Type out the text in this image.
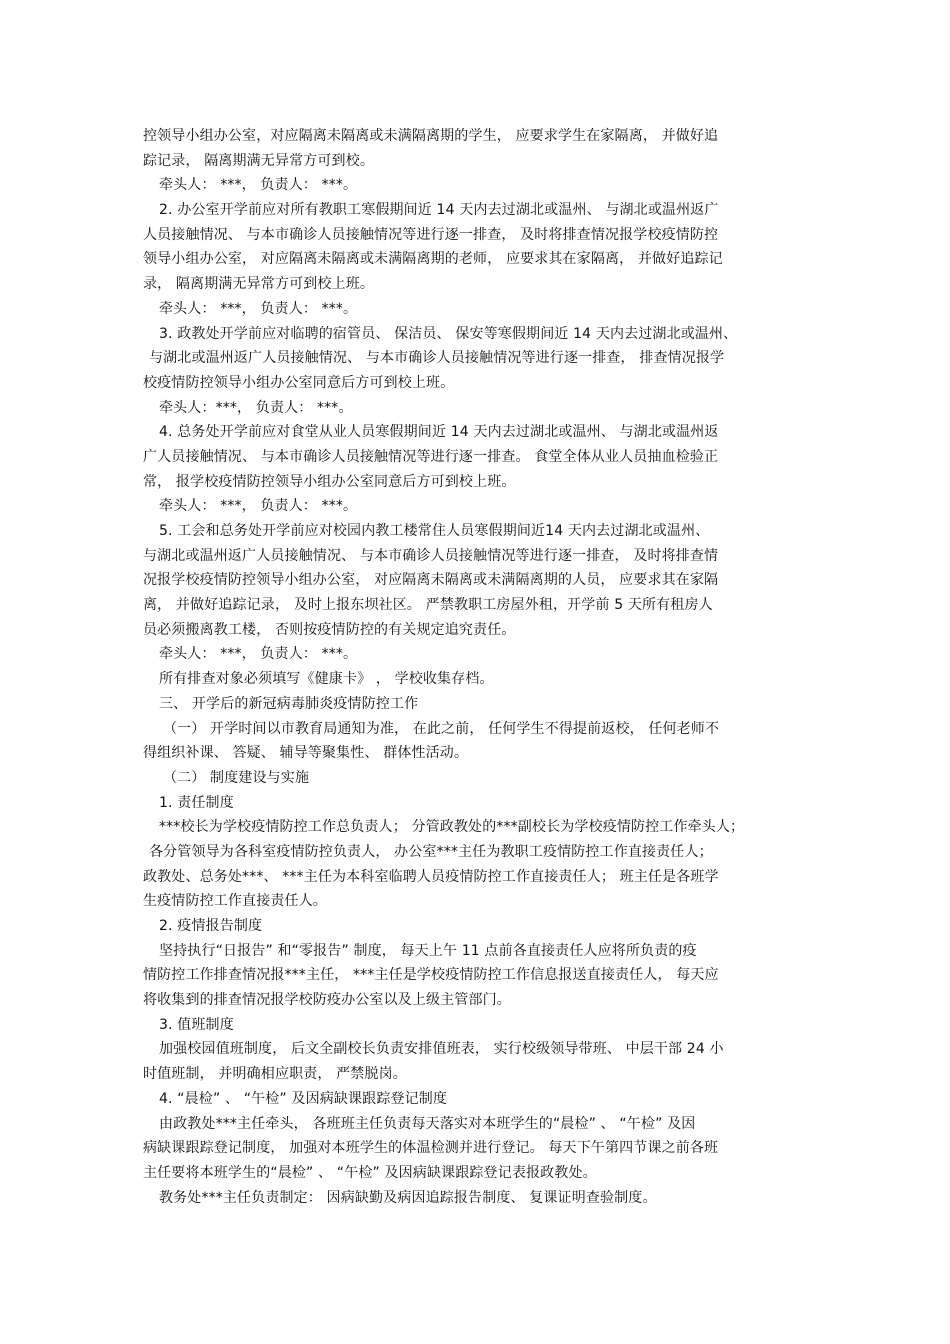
控领导小组办公室，对应隔离未隔离或未满隔离期的学生， 应要求学生在家隔离， 并做好追
踪记录， 隔离期满无异常方可到校。
牵头人： ***， 负责人： ***。
2. 办公室开学前应对所有教职工寒假期间近 14 天内去过湖北或温州、 与湖北或温州返广
人员接触情况、 与本市确诊人员接触情况等进行逐一排查， 及时将排查情况报学校疫情防控
领导小组办公室， 对应隔离未隔离或未满隔离期的老师， 应要求其在家隔离， 并做好追踪记
录， 隔离期满无异常方可到校上班。
牵头人： ***， 负责人： ***。
3. 政教处开学前应对临聘的宿管员、 保洁员、 保安等寒假期间近 14 天内去过湖北或温州、
与湖北或温州返广人员接触情况、 与本市确诊人员接触情况等进行逐一排查， 排查情况报学
校疫情防控领导小组办公室同意后方可到校上班。
牵头人：***， 负责人： ***。
4. 总务处开学前应对食堂从业人员寒假期间近 14 天内去过湖北或温州、 与湖北或温州返
广人员接触情况、 与本市确诊人员接触情况等进行逐一排查。 食堂全体从业人员抽血检验正
常， 报学校疫情防控领导小组办公室同意后方可到校上班。
牵头人： ***， 负责人： ***。
5. 工会和总务处开学前应对校园内教工楼常住人员寒假期间近14 天内去过湖北或温州、
与湖北或温州返广人员接触情况、 与本市确诊人员接触情况等进行逐一排查， 及时将排查情
况报学校疫情防控领导小组办公室， 对应隔离未隔离或未满隔离期的人员， 应要求其在家隔
离， 并做好追踪记录， 及时上报东坝社区。 严禁教职工房屋外租，开学前 5 天所有租房人
员必须搬离教工楼， 否则按疫情防控的有关规定追究责任。
牵头人： ***， 负责人： ***。
所有排查对象必须填写《健康卡》 ， 学校收集存档。
三、 开学后的新冠病毒肺炎疫情防控工作
（一） 开学时间以市教育局通知为准， 在此之前， 任何学生不得提前返校， 任何老师不
得组织补课、 答疑、 辅导等聚集性、 群体性活动。
（二） 制度建设与实施
1. 责任制度
***校长为学校疫情防控工作总负责人； 分管政教处的***副校长为学校疫情防控工作牵头人；
各分管领导为各科室疫情防控负责人， 办公室***主任为教职工疫情防控工作直接责任人；
政教处、总务处***、 ***主任为本科室临聘人员疫情防控工作直接责任人； 班主任是各班学
生疫情防控工作直接责任人。
2. 疫情报告制度
坚持执行“日报告” 和“零报告” 制度， 每天上午 11 点前各直接责任人应将所负责的疫
情防控工作排查情况报***主任， ***主任是学校疫情防控工作信息报送直接责任人， 每天应
将收集到的排查情况报学校防疫办公室以及上级主管部门。
3. 值班制度
加强校园值班制度， 后文全副校长负责安排值班表， 实行校级领导带班、 中层干部 24 小
时值班制， 并明确相应职责， 严禁脱岗。
4. “晨检” 、 “午检” 及因病缺课跟踪登记制度
由政教处***主任牵头， 各班班主任负责每天落实对本班学生的“晨检” 、 “午检” 及因
病缺课跟踪登记制度， 加强对本班学生的体温检测并进行登记。 每天下午第四节课之前各班
主任要将本班学生的“晨检” 、 “午检” 及因病缺课跟踪登记表报政教处。
教务处***主任负责制定： 因病缺勤及病因追踪报告制度、 复课证明查验制度。
